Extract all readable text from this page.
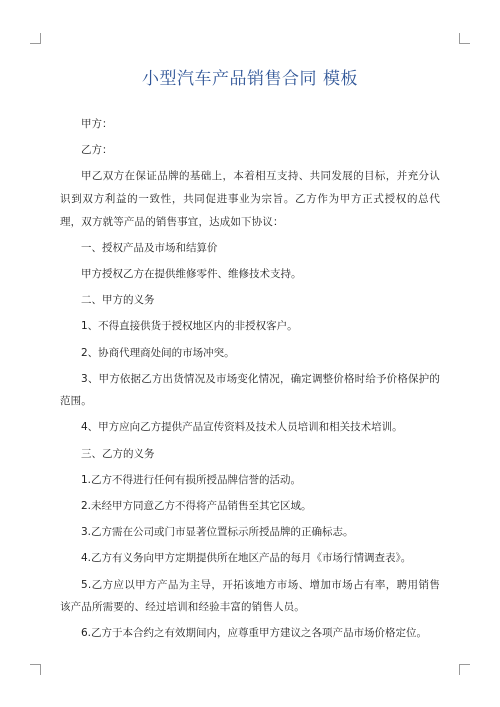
小型汽车产品销售合同 模板

甲方：

乙方：

甲乙双方在保证品牌的基础上，本着相互支持、共同发展的目标，并充分认识到双方利益的一致性，共同促进事业为宗旨。乙方作为甲方正式授权的总代理，双方就等产品的销售事宜，达成如下协议：

一、授权产品及市场和结算价

甲方授权乙方在提供维修零件、维修技术支持。

二、甲方的义务

1、不得直接供货于授权地区内的非授权客户。

2、协商代理商处间的市场冲突。

3、甲方依据乙方出货情况及市场变化情况，确定调整价格时给予价格保护的范围。

4、甲方应向乙方提供产品宣传资料及技术人员培训和相关技术培训。

三、乙方的义务

1.乙方不得进行任何有损所授品牌信誉的活动。

2.未经甲方同意乙方不得将产品销售至其它区域。

3.乙方需在公司或门市显著位置标示所授品牌的正确标志。

4.乙方有义务向甲方定期提供所在地区产品的每月《市场行情调查表》。

5.乙方应以甲方产品为主导，开拓该地方市场、增加市场占有率，聘用销售该产品所需要的、经过培训和经验丰富的销售人员。

6.乙方于本合约之有效期间内，应尊重甲方建议之各项产品市场价格定位。
